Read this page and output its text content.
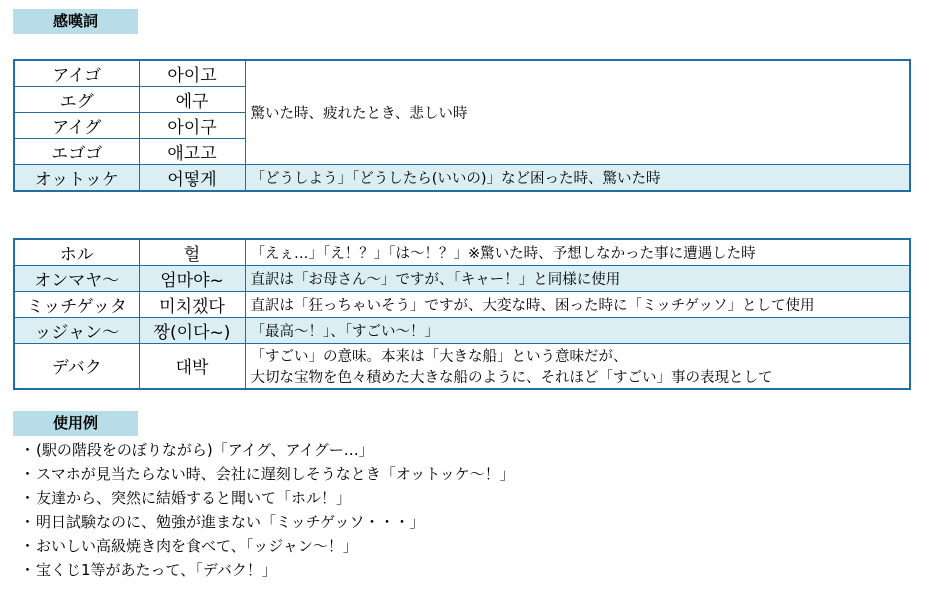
感嘆詞
アイゴ	아이고	驚いた時、疲れたとき、悲しい時
エグ	에구	
アイグ	아이구	
エゴゴ	애고고	
オットッケ	어떻게	「どうしよう」「どうしたら(いいの)」など困った時、驚いた時
ホル	헐	「えぇ…」「え！？」「は～！？」※驚いた時、予想しなかった事に遭遇した時
オンマヤ～	엄마야~	直訳は「お母さん～」ですが、「キャー！」と同様に使用
ミッチゲッタ	미치겠다	直訳は「狂っちゃいそう」ですが、大変な時、困った時に「ミッチゲッソ」として使用
ッジャン～	짱(이다~)	「最高～！」、「すごい～！」
デバク	대박	「すごい」の意味。本来は「大きな船」という意味だが、
大切な宝物を色々積めた大きな船のように、それほど「すごい」事の表現として
使用例
・(駅の階段をのぼりながら)「アイグ、アイグー…」
・スマホが見当たらない時、会社に遅刻しそうなとき「オットッケ～！」
・友達から、突然に結婚すると聞いて「ホル！」
・明日試験なのに、勉強が進まない「ミッチゲッソ・・・」
・おいしい高級焼き肉を食べて、「ッジャン～！」
・宝くじ1等があたって、「デバク！」
